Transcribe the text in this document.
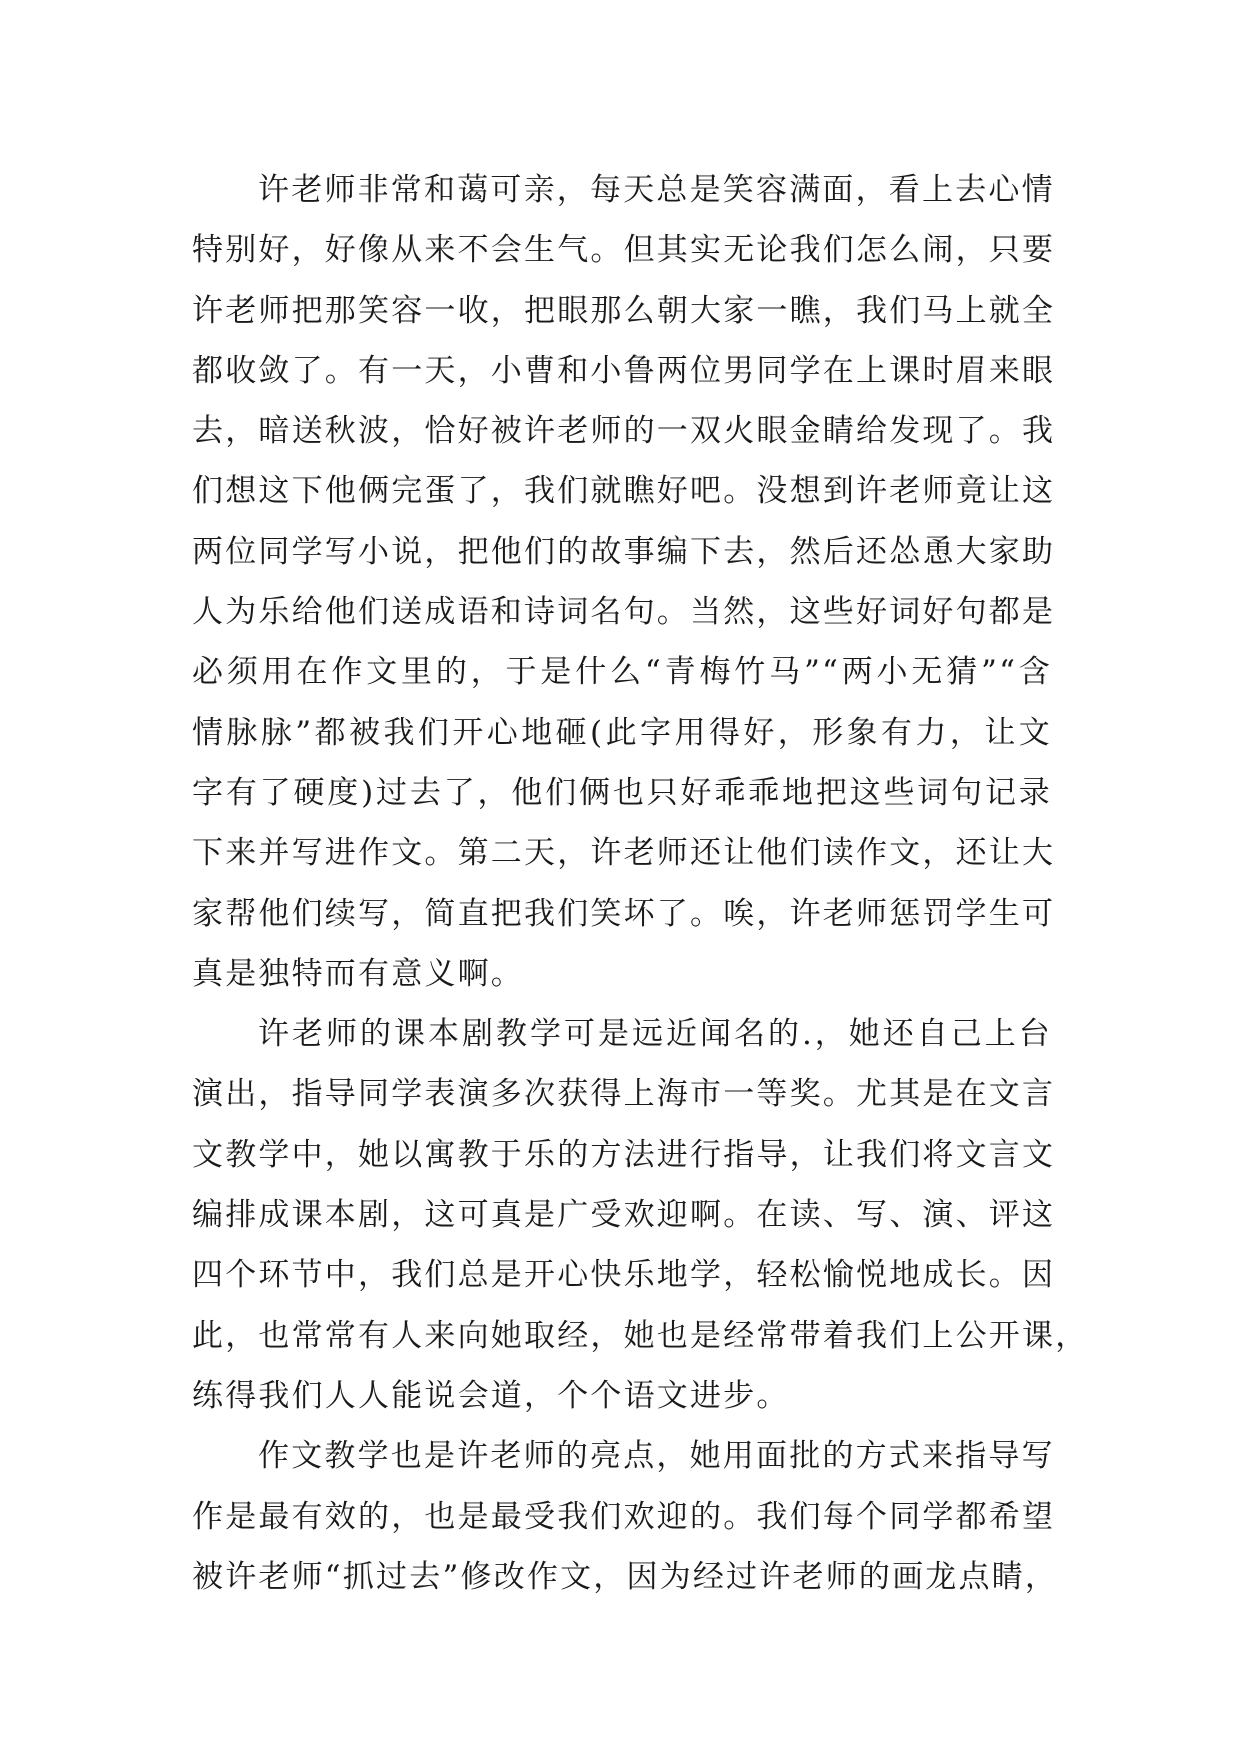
许老师非常和蔼可亲，每天总是笑容满面，看上去心情
特别好，好像从来不会生气。但其实无论我们怎么闹，只要
许老师把那笑容一收，把眼那么朝大家一瞧，我们马上就全
都收敛了。有一天，小曹和小鲁两位男同学在上课时眉来眼
去，暗送秋波，恰好被许老师的一双火眼金睛给发现了。我
们想这下他俩完蛋了，我们就瞧好吧。没想到许老师竟让这
两位同学写小说，把他们的故事编下去，然后还怂恿大家助
人为乐给他们送成语和诗词名句。当然，这些好词好句都是
必须用在作文里的，于是什么“青梅竹马”“两小无猜”“含
情脉脉”都被我们开心地砸(此字用得好，形象有力，让文
字有了硬度)过去了，他们俩也只好乖乖地把这些词句记录
下来并写进作文。第二天，许老师还让他们读作文，还让大
家帮他们续写，简直把我们笑坏了。唉，许老师惩罚学生可
真是独特而有意义啊。
许老师的课本剧教学可是远近闻名的.，她还自己上台
演出，指导同学表演多次获得上海市一等奖。尤其是在文言
文教学中，她以寓教于乐的方法进行指导，让我们将文言文
编排成课本剧，这可真是广受欢迎啊。在读、写、演、评这
四个环节中，我们总是开心快乐地学，轻松愉悦地成长。因
此，也常常有人来向她取经，她也是经常带着我们上公开课，
练得我们人人能说会道，个个语文进步。
作文教学也是许老师的亮点，她用面批的方式来指导写
作是最有效的，也是最受我们欢迎的。我们每个同学都希望
被许老师“抓过去”修改作文，因为经过许老师的画龙点睛，
